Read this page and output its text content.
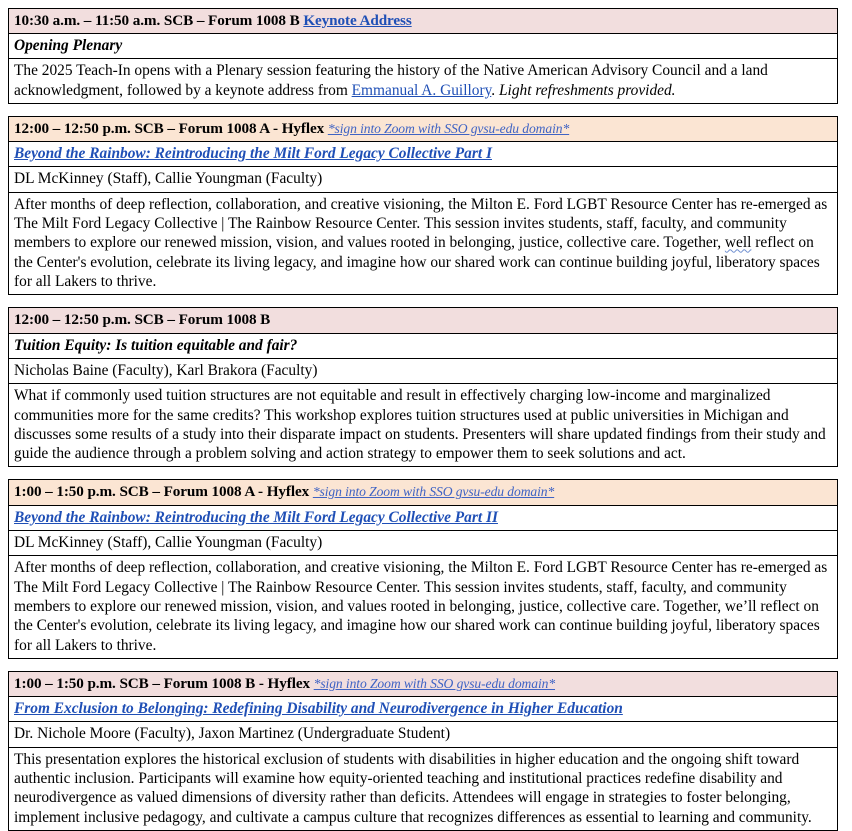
10:30 a.m. – 11:50 a.m. SCB – Forum 1008 B Keynote Address
Opening Plenary
The 2025 Teach-In opens with a Plenary session featuring the history of the Native American Advisory Council and a land acknowledgment, followed by a keynote address from Emmanual A. Guillory. Light refreshments provided.
12:00 – 12:50 p.m. SCB – Forum 1008 A - Hyflex *sign into Zoom with SSO gvsu-edu domain*
Beyond the Rainbow: Reintroducing the Milt Ford Legacy Collective Part I
DL McKinney (Staff), Callie Youngman (Faculty)
After months of deep reflection, collaboration, and creative visioning, the Milton E. Ford LGBT Resource Center has re-emerged as The Milt Ford Legacy Collective | The Rainbow Resource Center. This session invites students, staff, faculty, and community members to explore our renewed mission, vision, and values rooted in belonging, justice, collective care. Together, well reflect on the Center's evolution, celebrate its living legacy, and imagine how our shared work can continue building joyful, liberatory spaces for all Lakers to thrive.
12:00 – 12:50 p.m. SCB – Forum 1008 B
Tuition Equity: Is tuition equitable and fair?
Nicholas Baine (Faculty), Karl Brakora (Faculty)
What if commonly used tuition structures are not equitable and result in effectively charging low-income and marginalized communities more for the same credits? This workshop explores tuition structures used at public universities in Michigan and discusses some results of a study into their disparate impact on students. Presenters will share updated findings from their study and guide the audience through a problem solving and action strategy to empower them to seek solutions and act.
1:00 – 1:50 p.m. SCB – Forum 1008 A - Hyflex *sign into Zoom with SSO gvsu-edu domain*
Beyond the Rainbow: Reintroducing the Milt Ford Legacy Collective Part II
DL McKinney (Staff), Callie Youngman (Faculty)
After months of deep reflection, collaboration, and creative visioning, the Milton E. Ford LGBT Resource Center has re-emerged as The Milt Ford Legacy Collective | The Rainbow Resource Center. This session invites students, staff, faculty, and community members to explore our renewed mission, vision, and values rooted in belonging, justice, collective care. Together, we’ll reflect on the Center's evolution, celebrate its living legacy, and imagine how our shared work can continue building joyful, liberatory spaces for all Lakers to thrive.
1:00 – 1:50 p.m. SCB – Forum 1008 B - Hyflex *sign into Zoom with SSO gvsu-edu domain*
From Exclusion to Belonging: Redefining Disability and Neurodivergence in Higher Education
Dr. Nichole Moore (Faculty), Jaxon Martinez (Undergraduate Student)
This presentation explores the historical exclusion of students with disabilities in higher education and the ongoing shift toward authentic inclusion. Participants will examine how equity-oriented teaching and institutional practices redefine disability and neurodivergence as valued dimensions of diversity rather than deficits. Attendees will engage in strategies to foster belonging, implement inclusive pedagogy, and cultivate a campus culture that recognizes differences as essential to learning and community.
